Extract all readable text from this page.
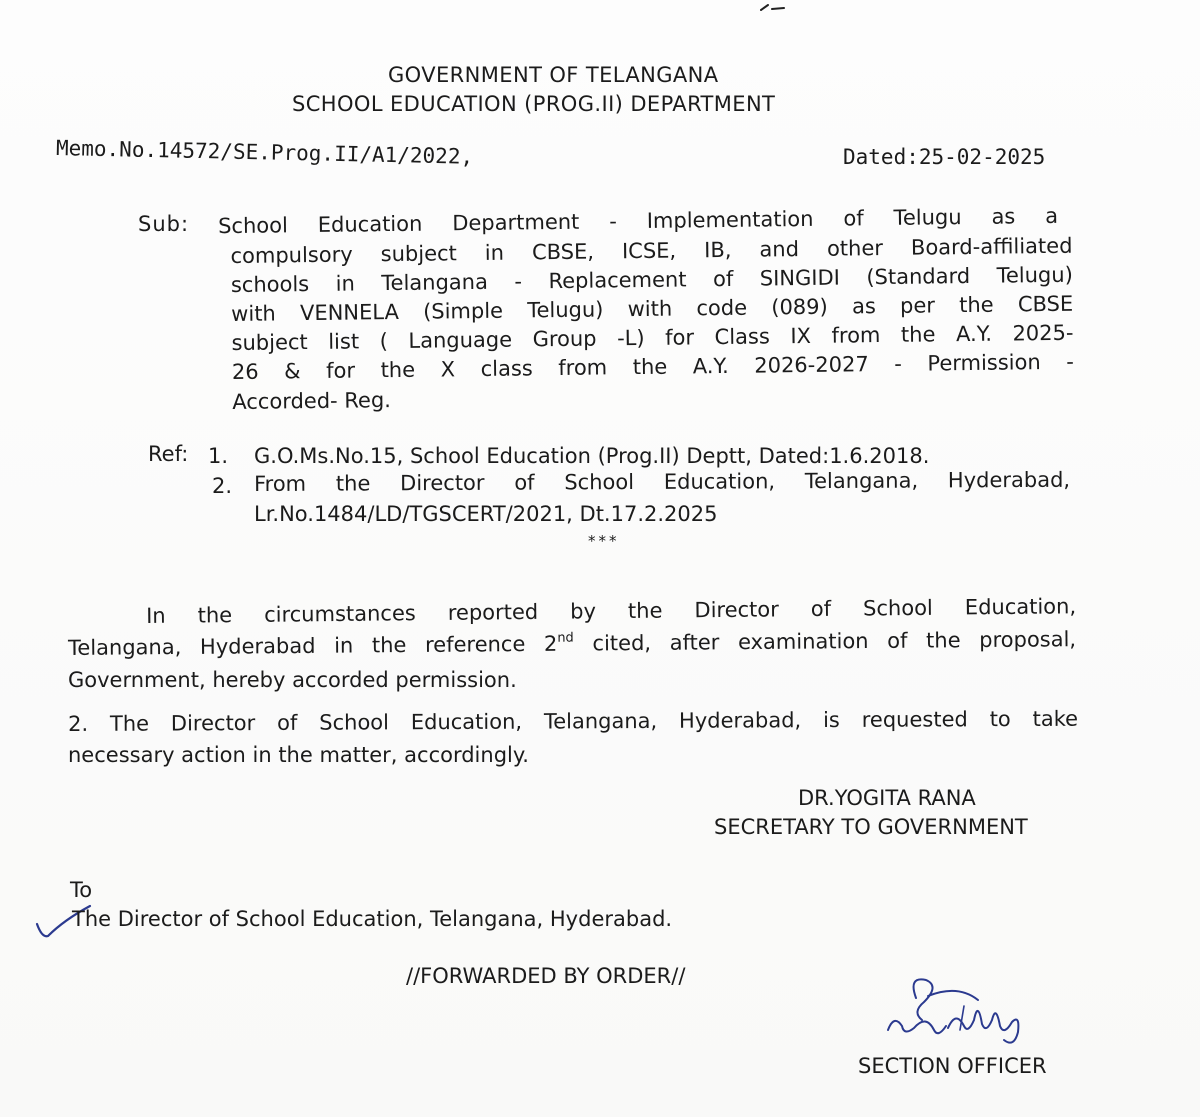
GOVERNMENT OF TELANGANA
SCHOOL EDUCATION (PROG.II) DEPARTMENT
Memo.No.14572/SE.Prog.II/A1/2022,	Dated:25-02-2025
Sub: School Education Department - Implementation of Telugu as a
compulsory subject in CBSE, ICSE, IB, and other Board-affiliated
schools in Telangana - Replacement of SINGIDI (Standard Telugu)
with VENNELA (Simple Telugu) with code (089) as per the CBSE
subject list ( Language Group -L) for Class IX from the A.Y. 2025-
26 & for the X class from the A.Y. 2026-2027 - Permission -
Accorded- Reg.
Ref: 1. G.O.Ms.No.15, School Education (Prog.II) Deptt, Dated:1.6.2018.
2. From the Director of School Education, Telangana, Hyderabad,
Lr.No.1484/LD/TGSCERT/2021, Dt.17.2.2025
***
In the circumstances reported by the Director of School Education,
Telangana, Hyderabad in the reference 2nd cited, after examination of the proposal,
Government, hereby accorded permission.
2. The Director of School Education, Telangana, Hyderabad, is requested to take
necessary action in the matter, accordingly.
DR.YOGITA RANA
SECRETARY TO GOVERNMENT
To
The Director of School Education, Telangana, Hyderabad.
//FORWARDED BY ORDER//
SECTION OFFICER
